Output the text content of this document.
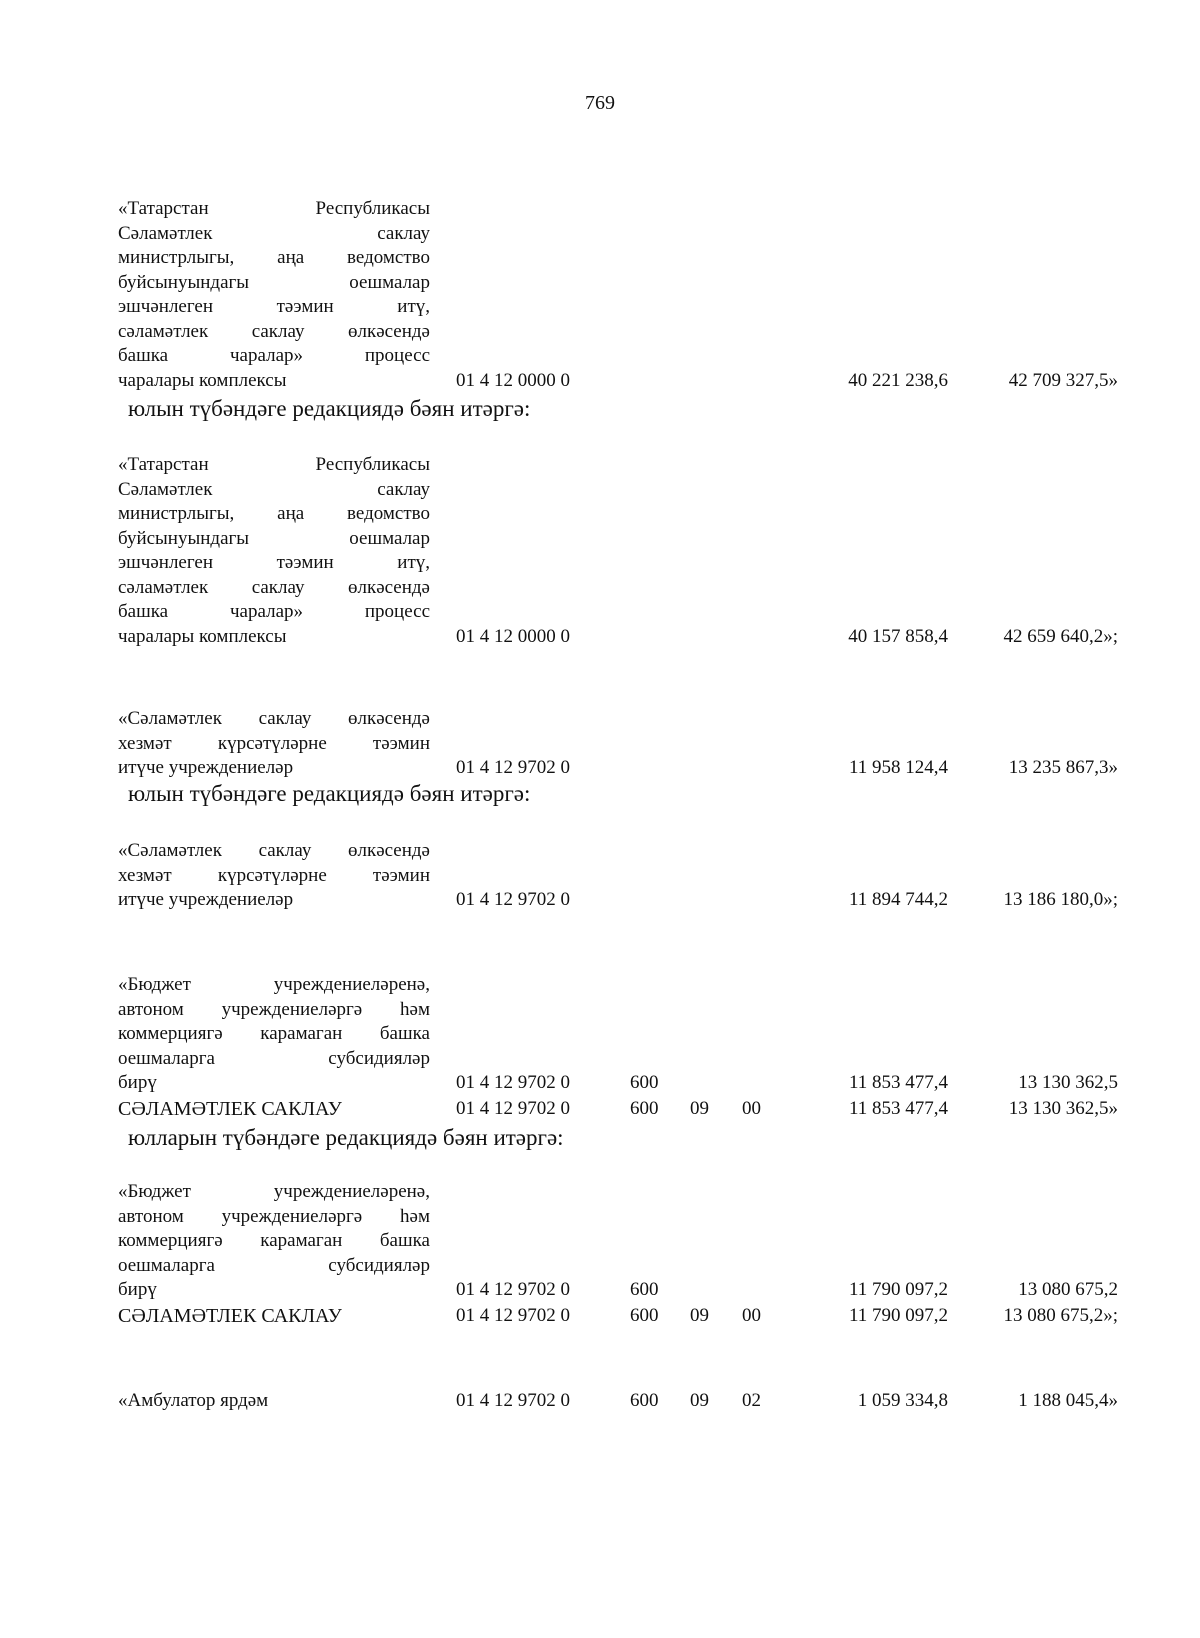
769
«Татарстан Республикасы
Сәламәтлек саклау
министрлыгы, аңа ведомство
буйсынуындагы оешмалар
эшчәнлеген тәэмин итү,
сәламәтлек саклау өлкәсендә
башка чаралар» процесс
чаралары комплексы	01 4 12 0000 0	40 221 238,6	42 709 327,5»
юлын түбәндәге редакциядә бәян итәргә:
«Татарстан Республикасы
Сәламәтлек саклау
министрлыгы, аңа ведомство
буйсынуындагы оешмалар
эшчәнлеген тәэмин итү,
сәламәтлек саклау өлкәсендә
башка чаралар» процесс
чаралары комплексы	01 4 12 0000 0	40 157 858,4	42 659 640,2»;
«Сәламәтлек саклау өлкәсендә
хезмәт күрсәтүләрне тәэмин
итүче учреждениеләр	01 4 12 9702 0	11 958 124,4	13 235 867,3»
юлын түбәндәге редакциядә бәян итәргә:
«Сәламәтлек саклау өлкәсендә
хезмәт күрсәтүләрне тәэмин
итүче учреждениеләр	01 4 12 9702 0	11 894 744,2	13 186 180,0»;
«Бюджет учреждениеләренә,
автоном учреждениеләргә һәм
коммерциягә карамаган башка
оешмаларга субсидияләр
бирү	01 4 12 9702 0	600	11 853 477,4	13 130 362,5
СӘЛАМӘТЛЕК САКЛАУ	01 4 12 9702 0	600 09 00	11 853 477,4	13 130 362,5»
юлларын түбәндәге редакциядә бәян итәргә:
«Бюджет учреждениеләренә,
автоном учреждениеләргә һәм
коммерциягә карамаган башка
оешмаларга субсидияләр
бирү	01 4 12 9702 0	600	11 790 097,2	13 080 675,2
СӘЛАМӘТЛЕК САКЛАУ	01 4 12 9702 0	600 09 00	11 790 097,2	13 080 675,2»;
«Амбулатор ярдәм	01 4 12 9702 0	600 09 02	1 059 334,8	1 188 045,4»
